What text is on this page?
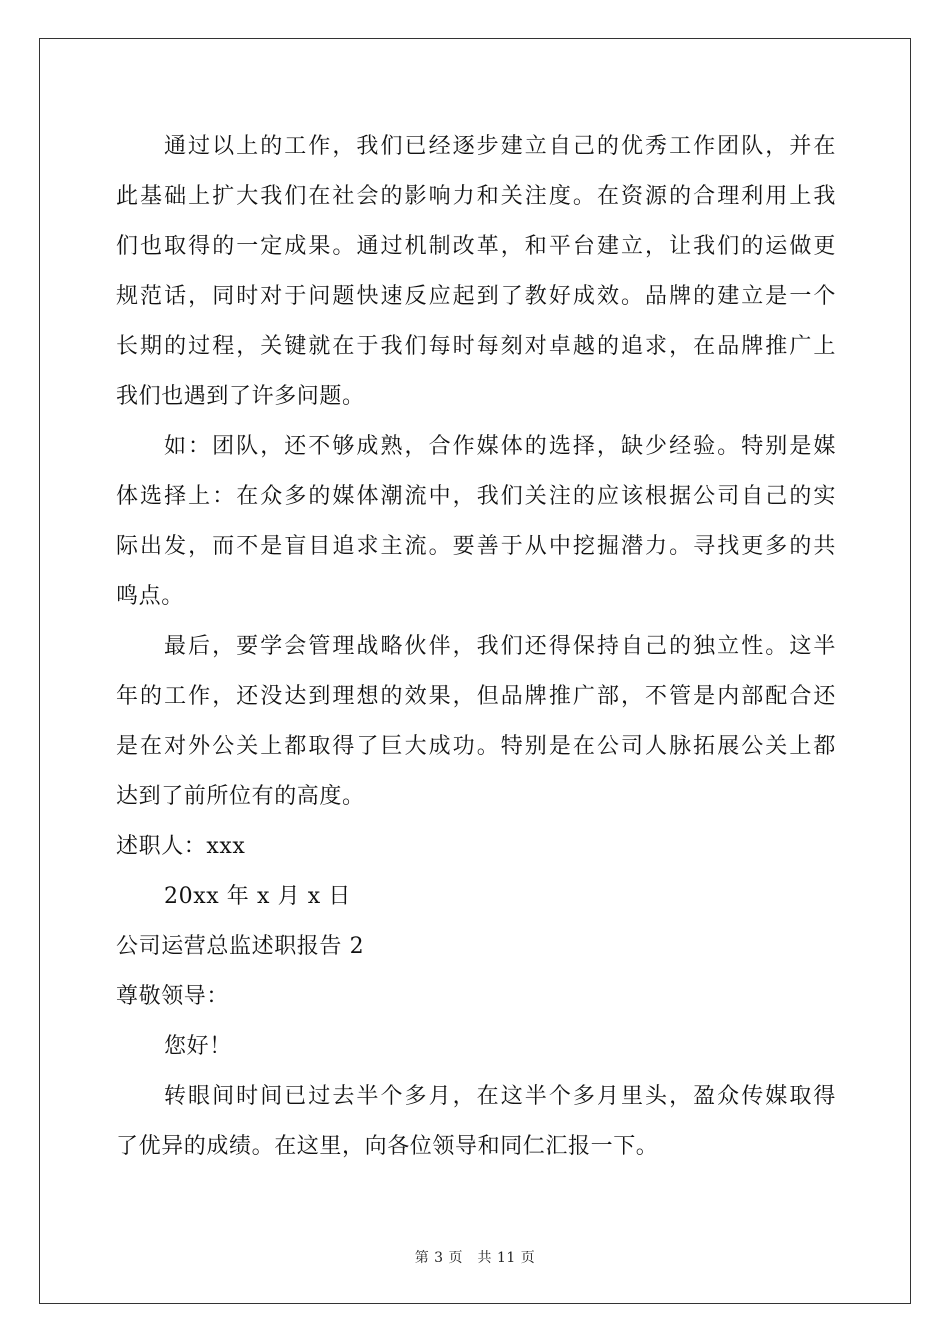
通过以上的工作，我们已经逐步建立自己的优秀工作团队，并在
此基础上扩大我们在社会的影响力和关注度。在资源的合理利用上我
们也取得的一定成果。通过机制改革，和平台建立，让我们的运做更
规范话，同时对于问题快速反应起到了教好成效。品牌的建立是一个
长期的过程，关键就在于我们每时每刻对卓越的追求，在品牌推广上
我们也遇到了许多问题。
如：团队，还不够成熟，合作媒体的选择，缺少经验。特别是媒
体选择上：在众多的媒体潮流中，我们关注的应该根据公司自己的实
际出发，而不是盲目追求主流。要善于从中挖掘潜力。寻找更多的共
鸣点。
最后，要学会管理战略伙伴，我们还得保持自己的独立性。这半
年的工作，还没达到理想的效果，但品牌推广部，不管是内部配合还
是在对外公关上都取得了巨大成功。特别是在公司人脉拓展公关上都
达到了前所位有的高度。
述职人：xxx
20xx 年 x 月 x 日
公司运营总监述职报告 2
尊敬领导：
您好！
转眼间时间已过去半个多月，在这半个多月里头，盈众传媒取得
了优异的成绩。在这里，向各位领导和同仁汇报一下。
第 3 页　共 11 页
